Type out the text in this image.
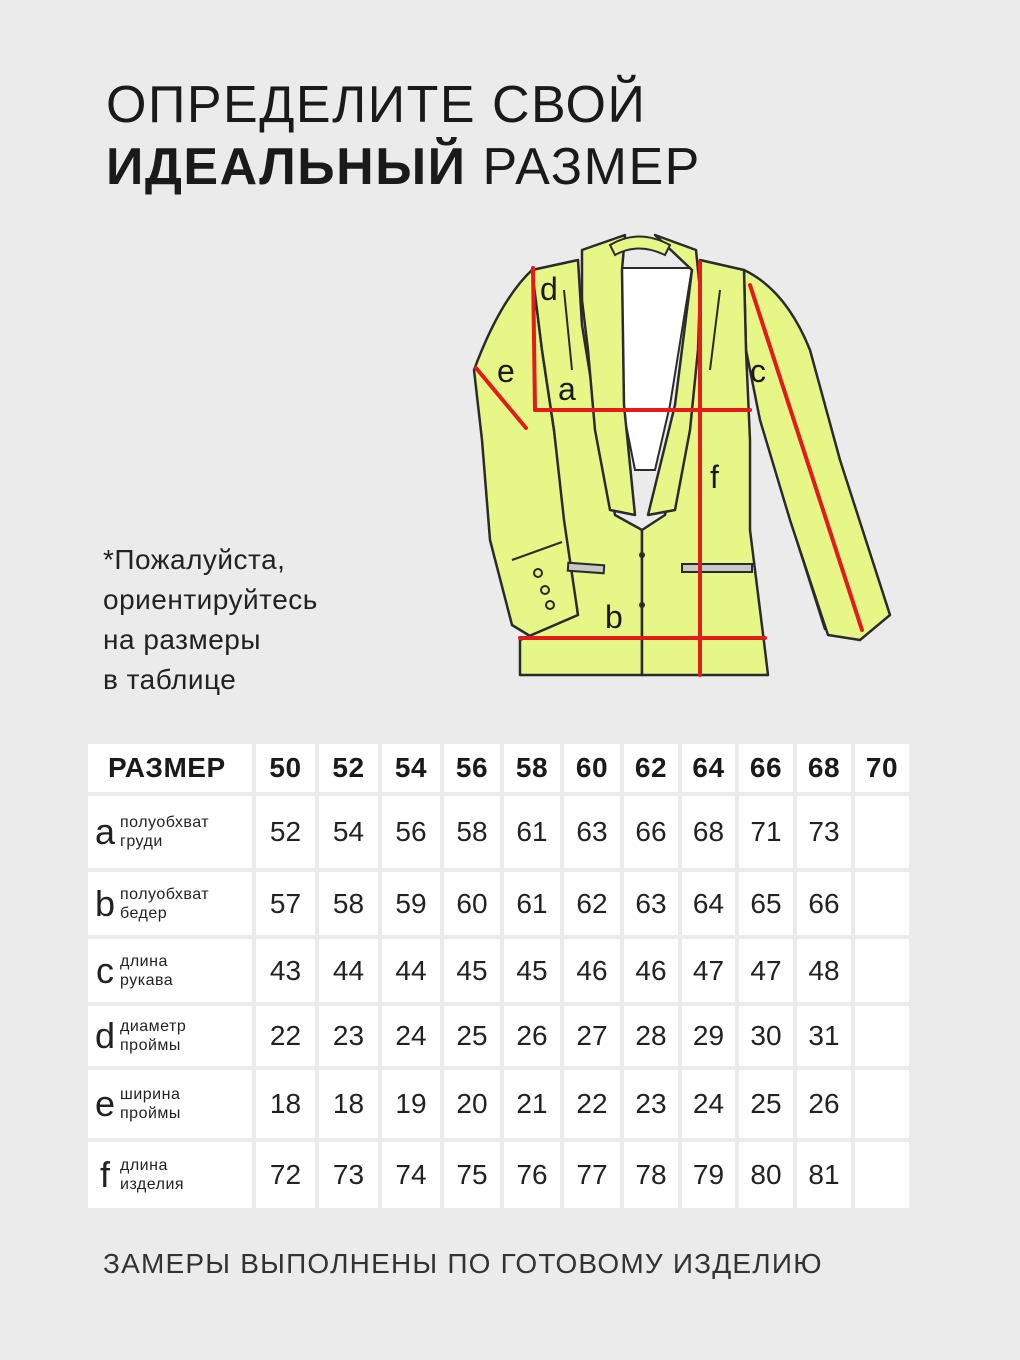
ОПРЕДЕЛИТЕ СВОЙ
ИДЕАЛЬНЫЙ РАЗМЕР
*Пожалуйста,
ориентируйтесь
на размеры
в таблице
a
b
c
d
e
f
РАЗМЕР	50	52	54	56	58	60	62	64	66	68	70
a полуобхват
груди	52	54	56	58	61	63	66	68	71	73	
b полуобхват
бедер	57	58	59	60	61	62	63	64	65	66	
c длина
рукава	43	44	44	45	45	46	46	47	47	48	
d диаметр
проймы	22	23	24	25	26	27	28	29	30	31	
e ширина
проймы	18	18	19	20	21	22	23	24	25	26	
f длина
изделия	72	73	74	75	76	77	78	79	80	81	

ЗАМЕРЫ ВЫПОЛНЕНЫ ПО ГОТОВОМУ ИЗДЕЛИЮ
